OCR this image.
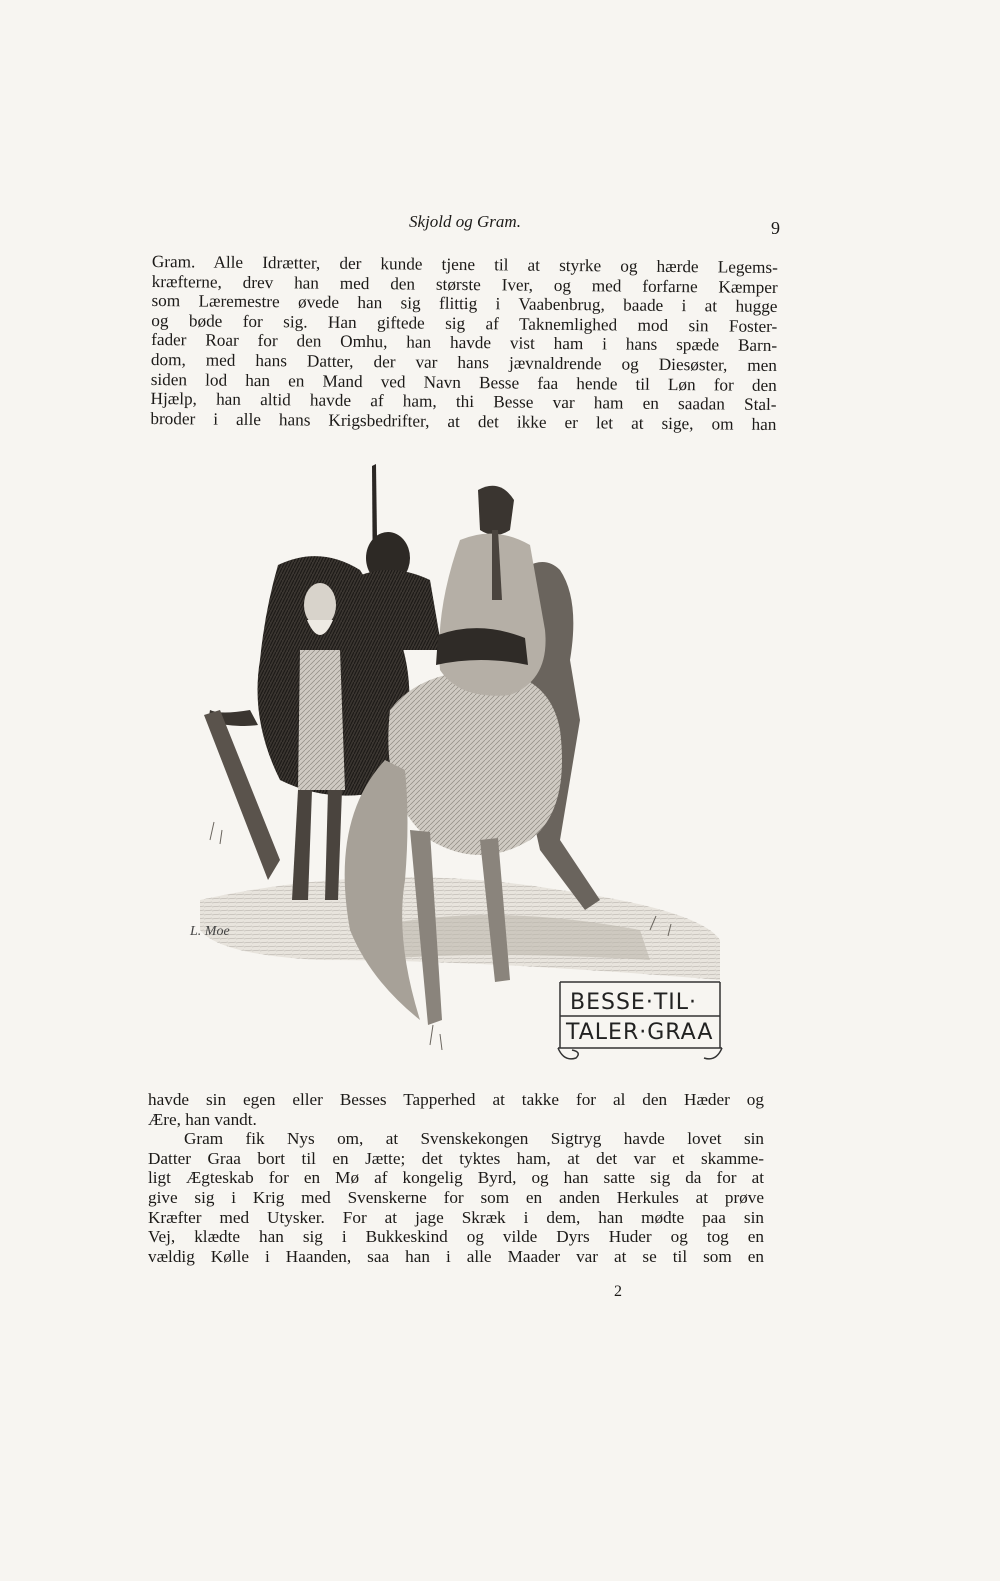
Skjold og Gram.	9
Gram. Alle Idrætter, der kunde tjene til at styrke og hærde Legems-
kræfterne, drev han med den største Iver, og med forfarne Kæmper
som Læremestre øvede han sig flittig i Vaabenbrug, baade i at hugge
og bøde for sig. Han giftede sig af Taknemlighed mod sin Foster-
fader Roar for den Omhu, han havde vist ham i hans spæde Barn-
dom, med hans Datter, der var hans jævnaldrende og Diesøster, men
siden lod han en Mand ved Navn Besse faa hende til Løn for den
Hjælp, han altid havde af ham, thi Besse var ham en saadan Stal-
broder i alle hans Krigsbedrifter, at det ikke er let at sige, om han
L. Moe
BESSE·TIL·
TALER·GRAA
havde sin egen eller Besses Tapperhed at takke for al den Hæder og
Ære, han vandt.
Gram fik Nys om, at Svenskekongen Sigtryg havde lovet sin
Datter Graa bort til en Jætte; det tyktes ham, at det var et skamme-
ligt Ægteskab for en Mø af kongelig Byrd, og han satte sig da for at
give sig i Krig med Svenskerne for som en anden Herkules at prøve
Kræfter med Utysker. For at jage Skræk i dem, han mødte paa sin
Vej, klædte han sig i Bukkeskind og vilde Dyrs Huder og tog en
vældig Kølle i Haanden, saa han i alle Maader var at se til som en
2
